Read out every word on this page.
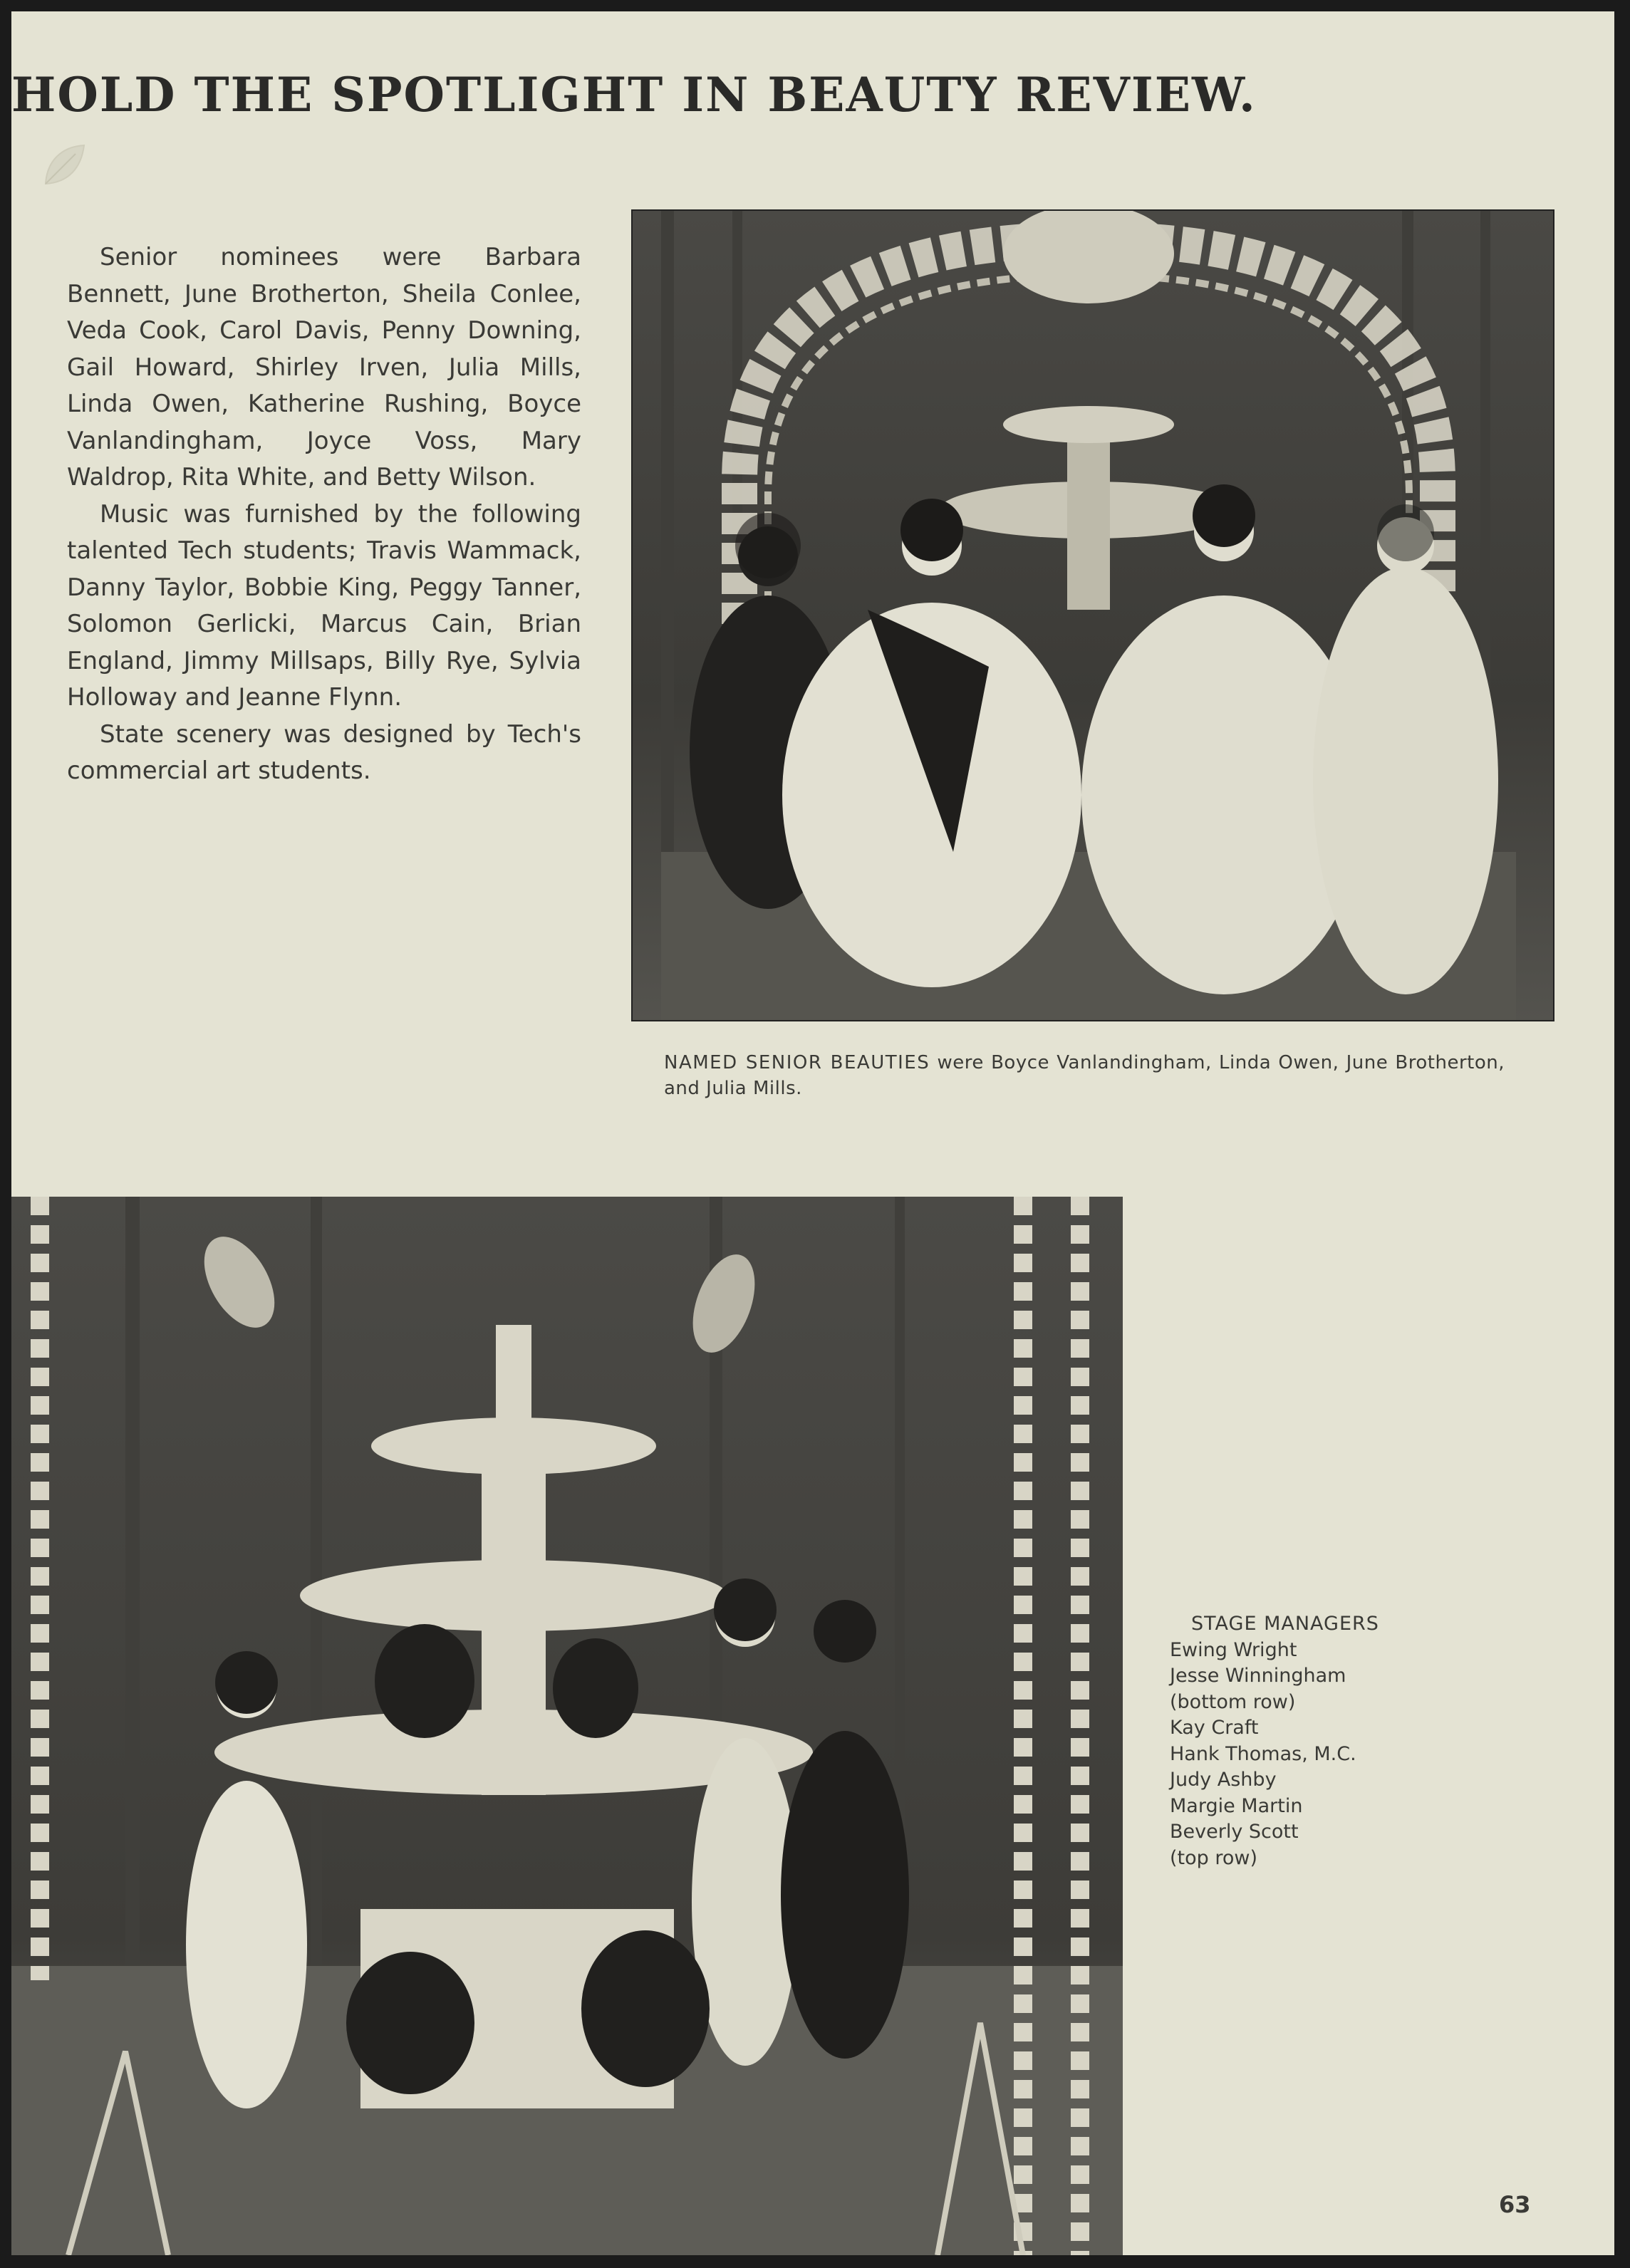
HOLD THE SPOTLIGHT IN BEAUTY REVIEW.

Senior nominees were Barbara Bennett, June Brotherton, Sheila Conlee, Veda Cook, Carol Davis, Penny Downing, Gail Howard, Shirley Irven, Julia Mills, Linda Owen, Katherine Rushing, Boyce Vanlandingham, Joyce Voss, Mary Waldrop, Rita White, and Betty Wilson.

Music was furnished by the following talented Tech students; Travis Wammack, Danny Taylor, Bobbie King, Peggy Tanner, Solomon Gerlicki, Marcus Cain, Brian England, Jimmy Millsaps, Billy Rye, Sylvia Holloway and Jeanne Flynn.

State scenery was designed by Tech's commercial art students.

NAMED SENIOR BEAUTIES were Boyce Vanlandingham, Linda Owen, June Brotherton, and Julia Mills.
STAGE MANAGERS
Ewing Wright
Jesse Winningham
(bottom row)
Kay Craft
Hank Thomas, M.C.
Judy Ashby
Margie Martin
Beverly Scott
(top row)
63
